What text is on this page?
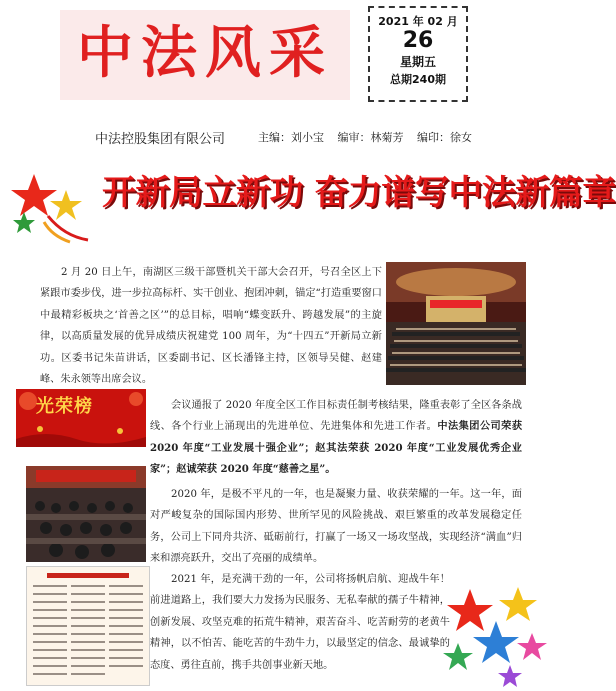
中法风采	2021 年 02 月
26
星期五
总期240期
中法控股集团有限公司	主编：刘小宝 编审：林菊芳 编印：徐女
开新局立新功 奋力谱写中法新篇章
2 月 20 日上午，南湖区三级干部暨机关干部大会召开，号召全区上下紧跟市委步伐，进一步拉高标杆、实干创业、抱团冲刺，锚定“打造重要窗口中最精彩板块之‘首善之区’”的总目标，唱响“蝶变跃升、跨越发展”的主旋律，以高质量发展的优异成绩庆祝建党 100 周年，为“十四五”开新局立新功。区委书记朱苗讲话，区委副书记、区长潘锋主持，区领导吴健、赵建峰、朱永领等出席会议。
光荣榜	会议通报了 2020 年度全区工作目标责任制考核结果，隆重表彰了全区各条战线、各个行业上涌现出的先进单位、先进集体和先进工作者。中法集团公司荣获 2020 年度“工业发展十强企业”；赵其法荣获 2020 年度“工业发展优秀企业家”；赵诚荣获 2020 年度“慈善之星”。
2020 年，是极不平凡的一年，也是凝聚力量、收获荣耀的一年。这一年，面对严峻复杂的国际国内形势、世所罕见的风险挑战、艰巨繁重的改革发展稳定任务，公司上下同舟共济、砥砺前行，打赢了一场又一场攻坚战，实现经济“满血”归来和漂亮跃升，交出了亮丽的成绩单。
2021 年，是充满干劲的一年，公司将扬帆启航、迎战牛年！前进道路上，我们要大力发扬为民服务、无私奉献的孺子牛精神，创新发展、攻坚克难的拓荒牛精神，艰苦奋斗、吃苦耐劳的老黄牛精神，以不怕苦、能吃苦的牛劲牛力，以最坚定的信念、最诚挚的态度、勇往直前，携手共创事业新天地。
